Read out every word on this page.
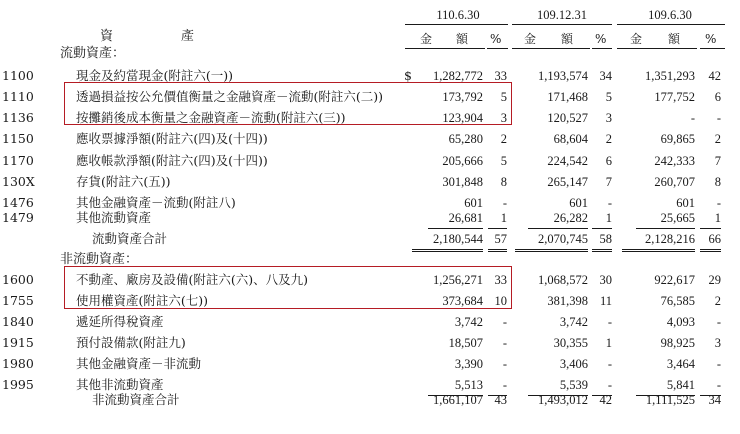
110.6.30	109.12.31	109.6.30
資	產	金 額 % 金 額 % 金 額 %
流動資產：
$
1100	現金及約當現金(附註六(一))	1,282,772 33	1,193,574 34	1,351,293	42
1110	透過損益按公允價值衡量之金融資產－流動(附註六(二))	173,792	5	171,468	5	177,752	6
1136	按攤銷後成本衡量之金融資產－流動(附註六(三))	123,904	3	120,527	3	-	-
1150	應收票據淨額(附註六(四)及(十四))	65,280	2	68,604	2	69,865	2
1170	應收帳款淨額(附註六(四)及(十四))	205,666	5	224,542	6	242,333	7
130X	存貨(附註六(五))	301,848	8	265,147	7	260,707	8
1476	其他金融資產－流動(附註八)	601	-	601	-	601	-
1479	其他流動資產	26,681	1	26,282	1	25,665	1
流動資產合計	2,180,544 57	2,070,745 58	2,128,216	66
非流動資產：
1600	不動產、廠房及設備(附註六(六)、八及九)	1,256,271 33	1,068,572 30	922,617	29
1755	使用權資產(附註六(七))	373,684 10	381,398 11	76,585	2
1840	遞延所得稅資產	3,742	-	3,742	-	4,093	-
1915	預付設備款(附註九)	18,507	-	30,355	1	98,925	3
1980	其他金融資產－非流動	3,390	-	3,406	-	3,464	-
1995	其他非流動資產	5,513	-	5,539	-	5,841	-
非流動資產合計	1,661,107 43	1,493,012 42	1,111,525	34
